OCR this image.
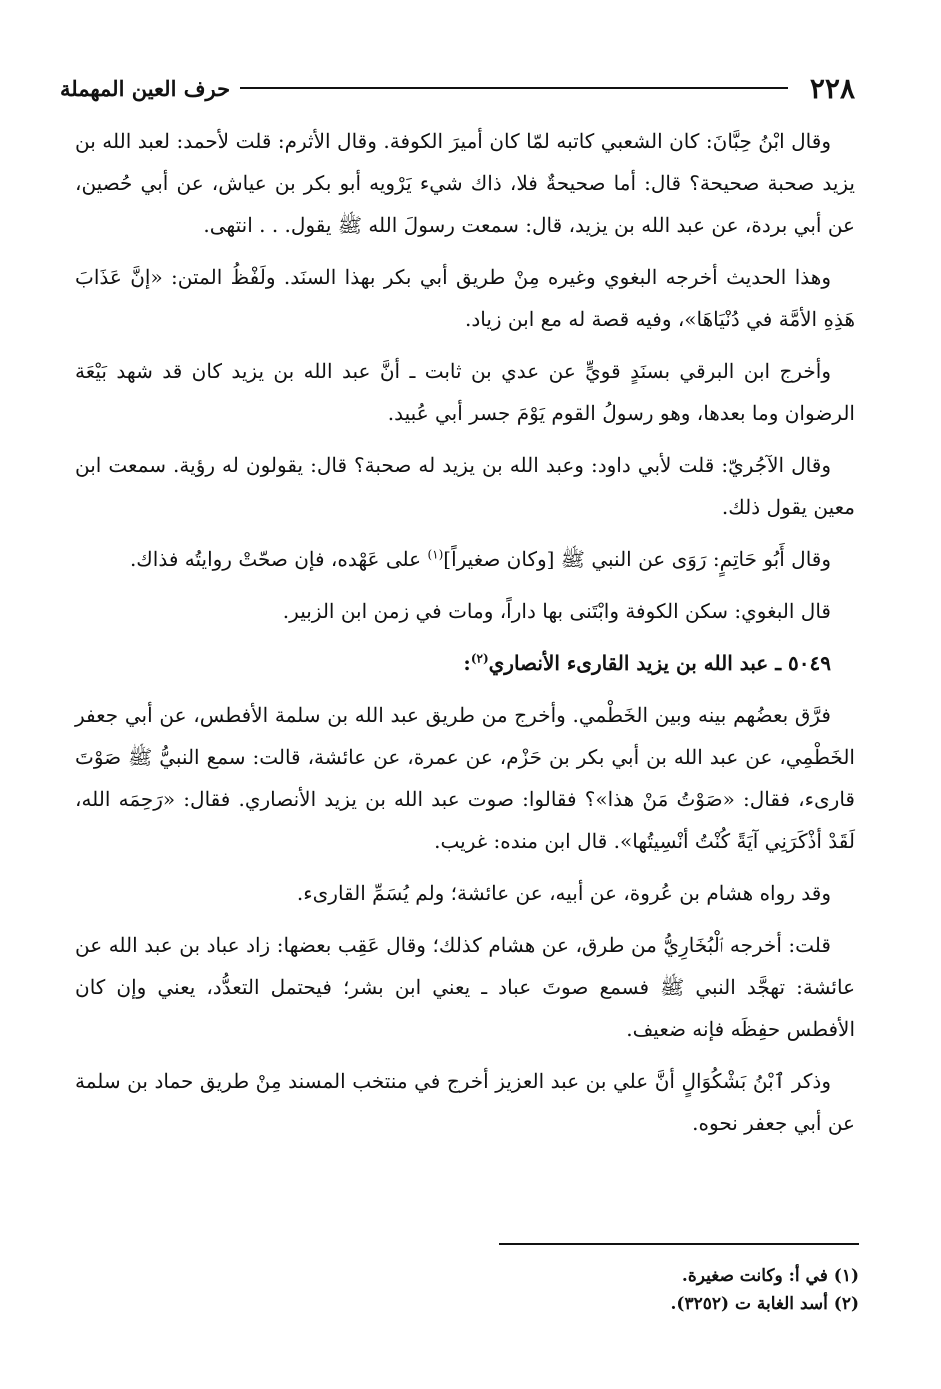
٢٢٨
حرف العين المهملة

وقال ابْنُ حِبَّانَ: كان الشعبي كاتبه لمّا كان أميرَ الكوفة. وقال الأثرم: قلت لأحمد: لعبد الله بن يزيد صحبة صحيحة؟ قال: أما صحيحةٌ فلا، ذاك شيء يَرْويه أبو بكر بن عياش، عن أبي حُصين، عن أبي بردة، عن عبد الله بن يزيد، قال: سمعت رسولَ الله ﷺ يقول. . . انتهى.

وهذا الحديث أخرجه البغوي وغيره مِنْ طريق أبي بكر بهذا السنَد. ولَفْظُ المتن: «إنَّ عَذَابَ هَذِهِ الأمَّة في دُنْيَاهَا»، وفيه قصة له مع ابن زياد.

وأخرج ابن البرقي بسنَدٍ قويٍّ عن عدي بن ثابت ـ أنَّ عبد الله بن يزيد كان قد شهد بَيْعَة الرضوان وما بعدها، وهو رسولُ القوم يَوْمَ جسر أبي عُبيد.

وقال الآجُريّ: قلت لأبي داود: وعبد الله بن يزيد له صحبة؟ قال: يقولون له رؤية. سمعت ابن معين يقول ذلك.

وقال أَبُو حَاتِمٍ: رَوَى عن النبي ﷺ [وكان صغيراً]$^{(١)}$ على عَهْده، فإن صحّتْ روايتُه فذاك.

قال البغوي: سكن الكوفة وابْتَنى بها داراً، ومات في زمن ابن الزبير.

٥٠٤٩ ـ عبد الله بن يزيد القارىء الأنصاري$^{(٢)}$:

فرَّق بعضُهم بينه وبين الخَطْمي. وأخرج من طريق عبد الله بن سلمة الأفطس، عن أبي جعفر الخَطْمِي، عن عبد الله بن أبي بكر بن حَزْم، عن عمرة، عن عائشة، قالت: سمع النبيُّ ﷺ صَوْتَ قارىء، فقال: «صَوْتُ مَنْ هذا»؟ فقالوا: صوت عبد الله بن يزيد الأنصاري. فقال: «رَحِمَه الله، لَقَدْ أذْكَرَنِي آيَةً كُنْتُ أنْسِيتُها». قال ابن منده: غريب.

وقد رواه هشام بن عُروة، عن أبيه، عن عائشة؛ ولم يُسَمِّ القارىء.

قلت: أخرجه ٱلْبُخَارِيُّ من طرق، عن هشام كذلك؛ وقال عَقِب بعضها: زاد عباد بن عبد الله عن عائشة: تهجَّد النبي ﷺ فسمع صوتَ عباد ـ يعني ابن بشر؛ فيحتمل التعدُّد، يعني وإن كان الأفطس حفِظَه فإنه ضعيف.

وذكر ٱبْنُ بَشْكُوَالٍ أنَّ علي بن عبد العزيز أخرج في منتخب المسند مِنْ طريق حماد بن سلمة عن أبي جعفر نحوه.

(١) في أ: وكانت صغيرة.

(٢) أسد الغابة ت (٣٢٥٢).
